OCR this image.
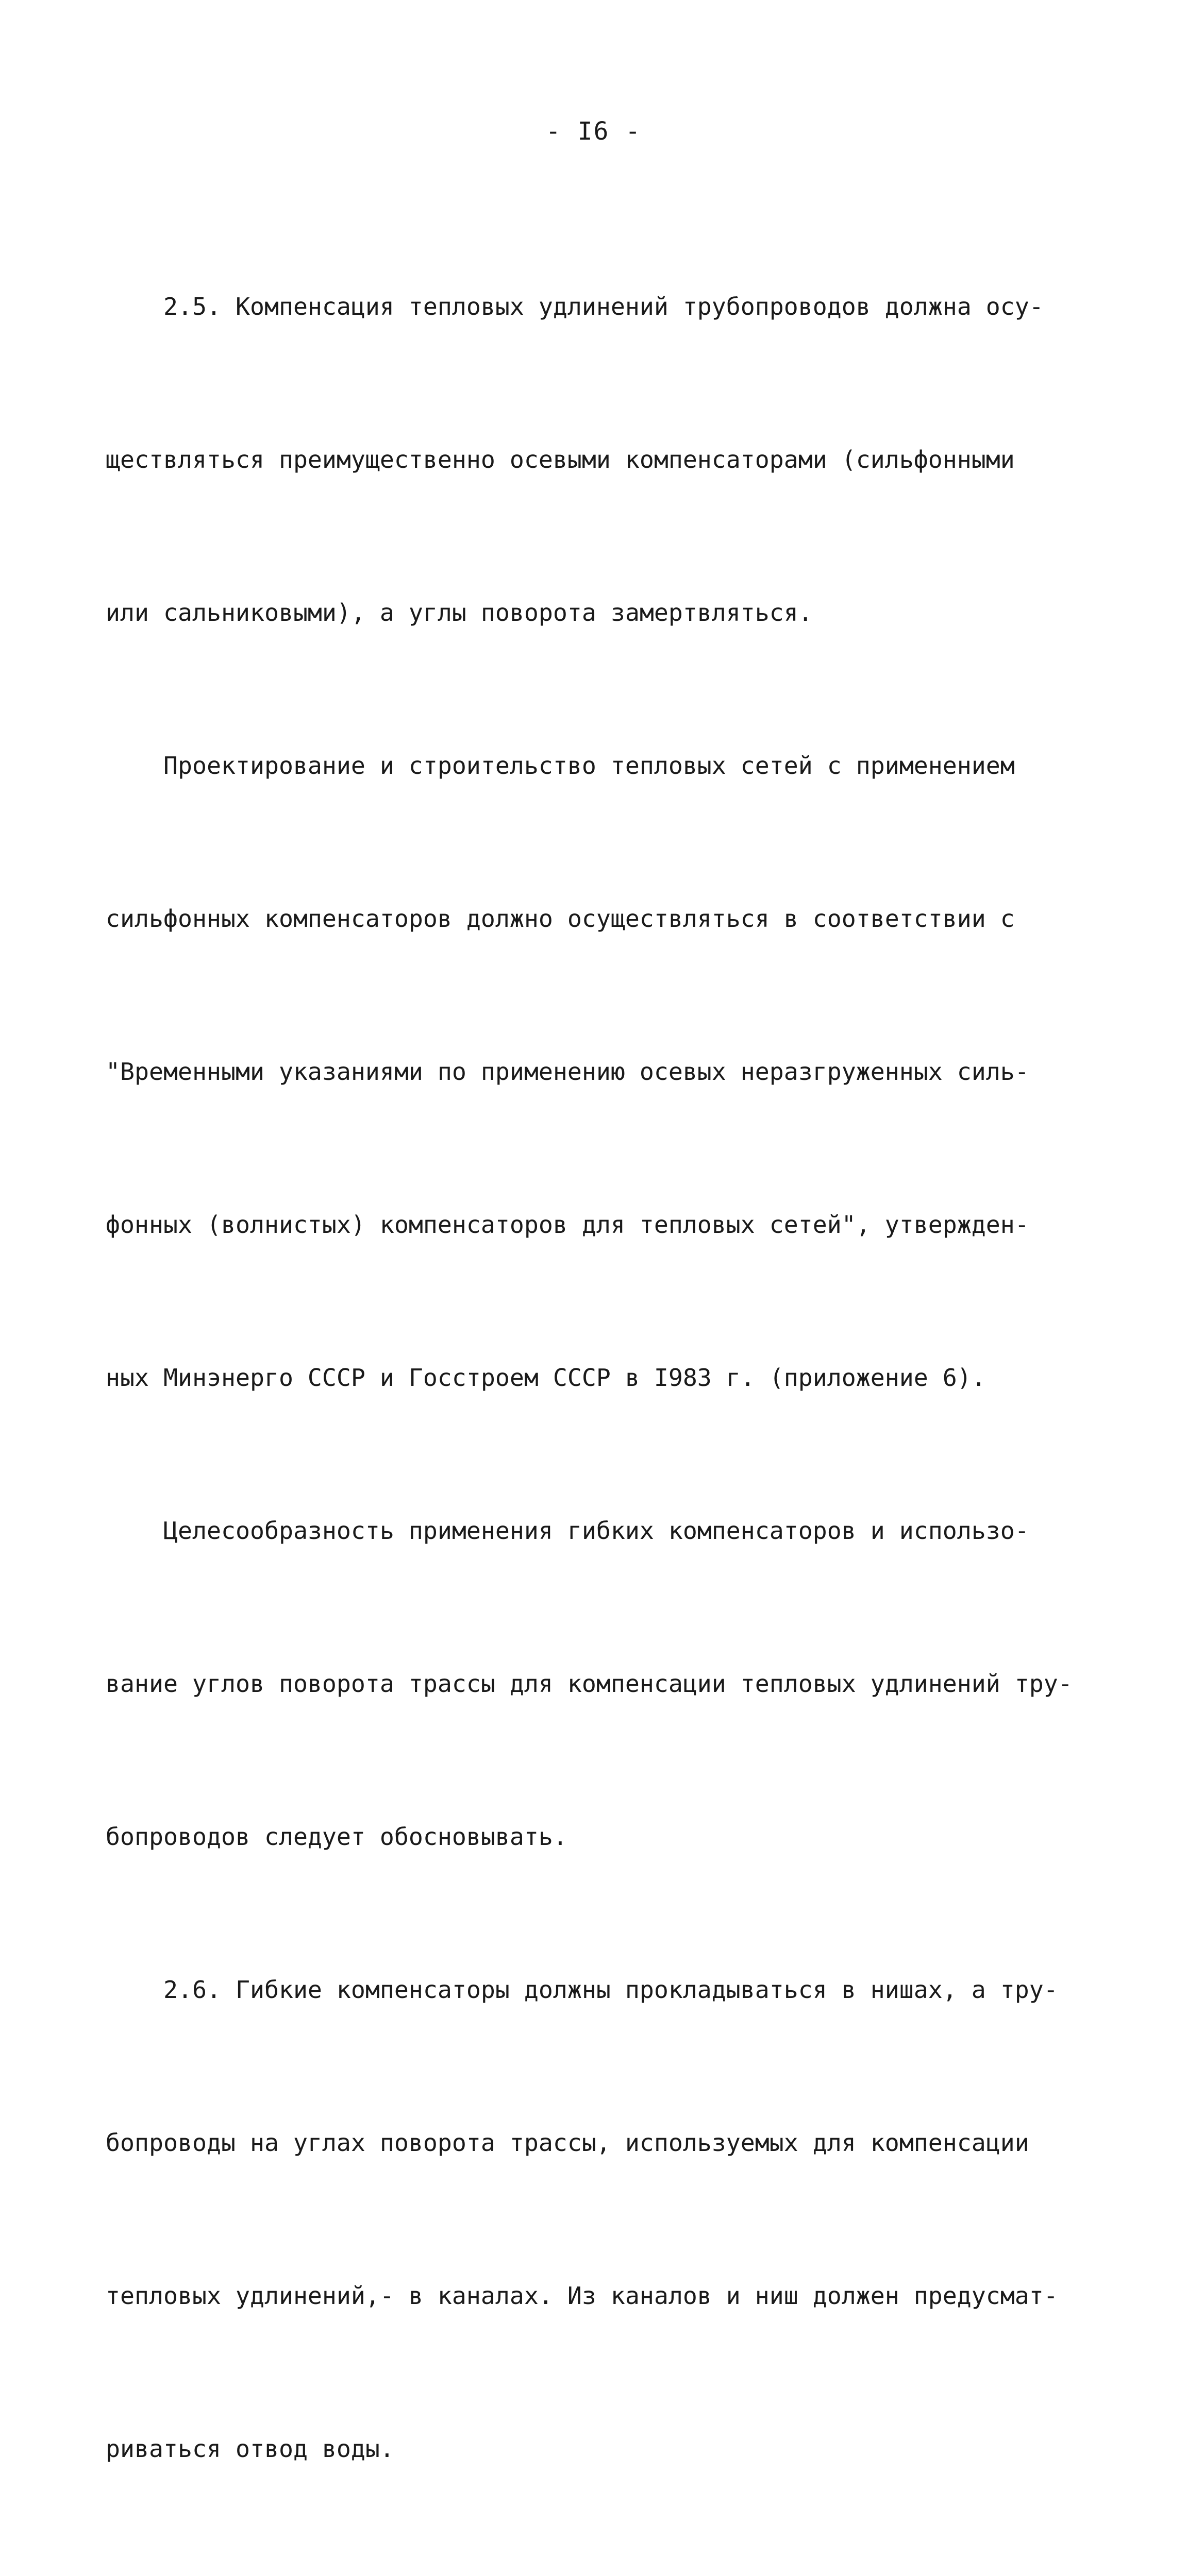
- I6 -

2.5. Компенсация тепловых удлинений трубопроводов должна осу-

ществляться преимущественно осевыми компенсаторами (сильфонными

или сальниковыми), а углы поворота замертвляться.

Проектирование и строительство тепловых сетей с применением

сильфонных компенсаторов должно осуществляться в соответствии с

"Временными указаниями по применению осевых неразгруженных силь-

фонных (волнистых) компенсаторов для тепловых сетей", утвержден-

ных Минэнерго СССР и Госстроем СССР в I983 г. (приложение 6).

Целесообразность применения гибких компенсаторов и использо-

вание углов поворота трассы для компенсации тепловых удлинений тру-

бопроводов следует обосновывать.

2.6. Гибкие компенсаторы должны прокладываться в нишах, а тру-

бопроводы на углах поворота трассы, используемых для компенсации

тепловых удлинений,- в каналах. Из каналов и ниш должен предусмат-

риваться отвод воды.
